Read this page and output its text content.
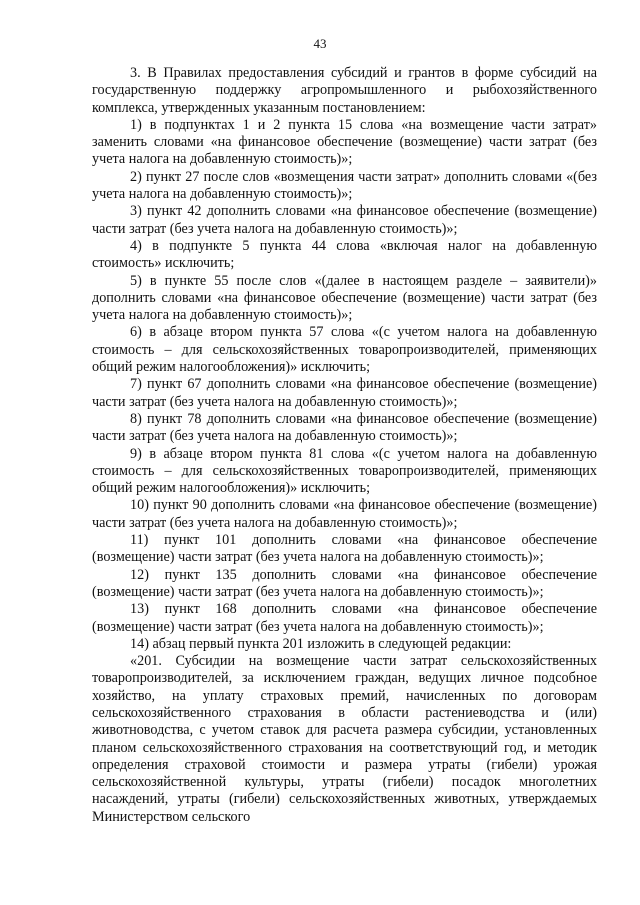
43

3. В Правилах предоставления субсидий и грантов в форме субсидий на государственную поддержку агропромышленного и рыбохозяйственного комплекса, утвержденных указанным постановлением:

1) в подпунктах 1 и 2 пункта 15 слова «на возмещение части затрат» заменить словами «на финансовое обеспечение (возмещение) части затрат (без учета налога на добавленную стоимость)»;

2) пункт 27 после слов «возмещения части затрат» дополнить словами «(без учета налога на добавленную стоимость)»;

3) пункт 42 дополнить словами «на финансовое обеспечение (возмещение) части затрат (без учета налога на добавленную стоимость)»;

4) в подпункте 5 пункта 44 слова «включая налог на добавленную стоимость» исключить;

5) в пункте 55 после слов «(далее в настоящем разделе – заявители)» дополнить словами «на финансовое обеспечение (возмещение) части затрат (без учета налога на добавленную стоимость)»;

6) в абзаце втором пункта 57 слова «(с учетом налога на добавленную стоимость – для сельскохозяйственных товаропроизводителей, применяющих общий режим налогообложения)» исключить;

7) пункт 67 дополнить словами «на финансовое обеспечение (возмещение) части затрат (без учета налога на добавленную стоимость)»;

8) пункт 78 дополнить словами «на финансовое обеспечение (возмещение) части затрат (без учета налога на добавленную стоимость)»;

9) в абзаце втором пункта 81 слова «(с учетом налога на добавленную стоимость – для сельскохозяйственных товаропроизводителей, применяющих общий режим налогообложения)» исключить;

10) пункт 90 дополнить словами «на финансовое обеспечение (возмещение) части затрат (без учета налога на добавленную стоимость)»;

11) пункт 101 дополнить словами «на финансовое обеспечение (возмещение) части затрат (без учета налога на добавленную стоимость)»;

12) пункт 135 дополнить словами «на финансовое обеспечение (возмещение) части затрат (без учета налога на добавленную стоимость)»;

13) пункт 168 дополнить словами «на финансовое обеспечение (возмещение) части затрат (без учета налога на добавленную стоимость)»;

14) абзац первый пункта 201 изложить в следующей редакции:

«201. Субсидии на возмещение части затрат сельскохозяйственных товаропроизводителей, за исключением граждан, ведущих личное подсобное хозяйство, на уплату страховых премий, начисленных по договорам сельскохозяйственного страхования в области растениеводства и (или) животноводства, с учетом ставок для расчета размера субсидии, установленных планом сельскохозяйственного страхования на соответствующий год, и методик определения страховой стоимости и размера утраты (гибели) урожая сельскохозяйственной культуры, утраты (гибели) посадок многолетних насаждений, утраты (гибели) сельскохозяйственных животных, утверждаемых Министерством сельского
